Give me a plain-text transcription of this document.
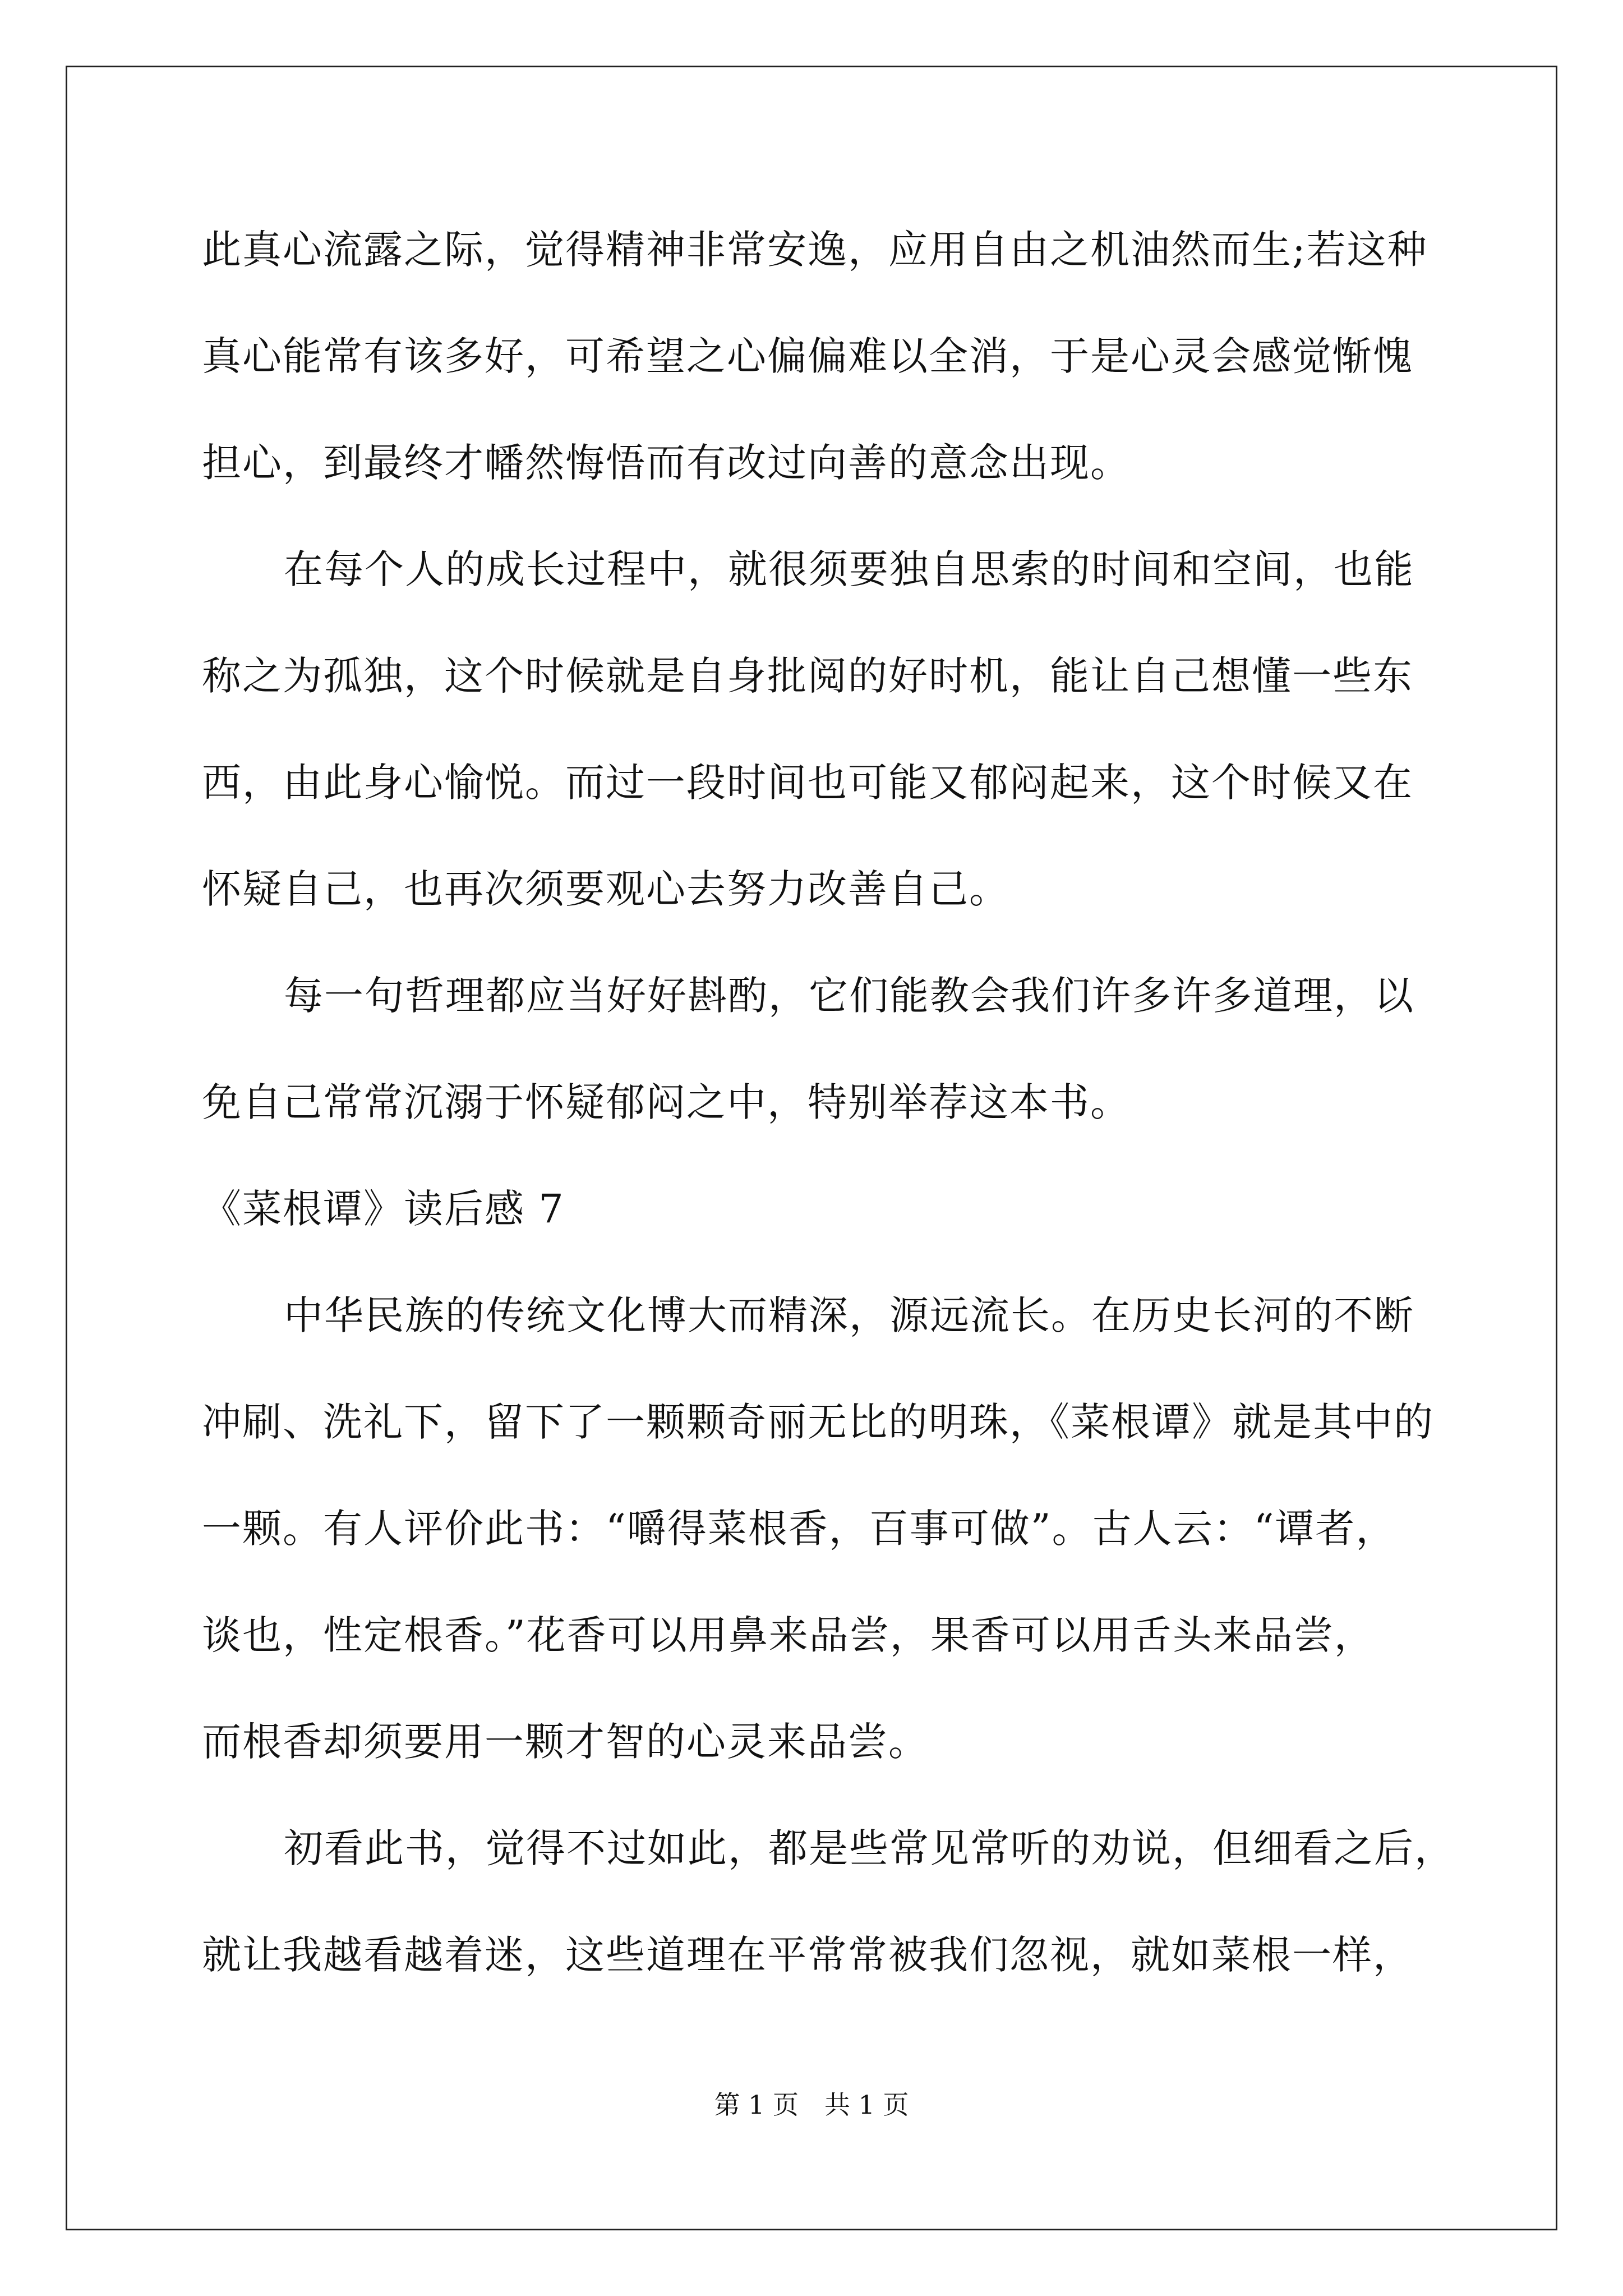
此真心流露之际，觉得精神非常安逸，应用自由之机油然而生;若这种
真心能常有该多好，可希望之心偏偏难以全消，于是心灵会感觉惭愧
担心，到最终才幡然悔悟而有改过向善的意念出现。
在每个人的成长过程中，就很须要独自思索的时间和空间，也能
称之为孤独，这个时候就是自身批阅的好时机，能让自己想懂一些东
西，由此身心愉悦。而过一段时间也可能又郁闷起来，这个时候又在
怀疑自己，也再次须要观心去努力改善自己。
每一句哲理都应当好好斟酌，它们能教会我们许多许多道理，以
免自己常常沉溺于怀疑郁闷之中，特别举荐这本书。
《菜根谭》读后感 7
中华民族的传统文化博大而精深，源远流长。在历史长河的不断
冲刷、洗礼下，留下了一颗颗奇丽无比的明珠，《菜根谭》就是其中的
一颗。有人评价此书：“嚼得菜根香，百事可做”。古人云：“谭者，
谈也，性定根香。”花香可以用鼻来品尝，果香可以用舌头来品尝，
而根香却须要用一颗才智的心灵来品尝。
初看此书，觉得不过如此，都是些常见常听的劝说，但细看之后，
就让我越看越着迷，这些道理在平常常被我们忽视，就如菜根一样，
第 1 页 共 1 页
